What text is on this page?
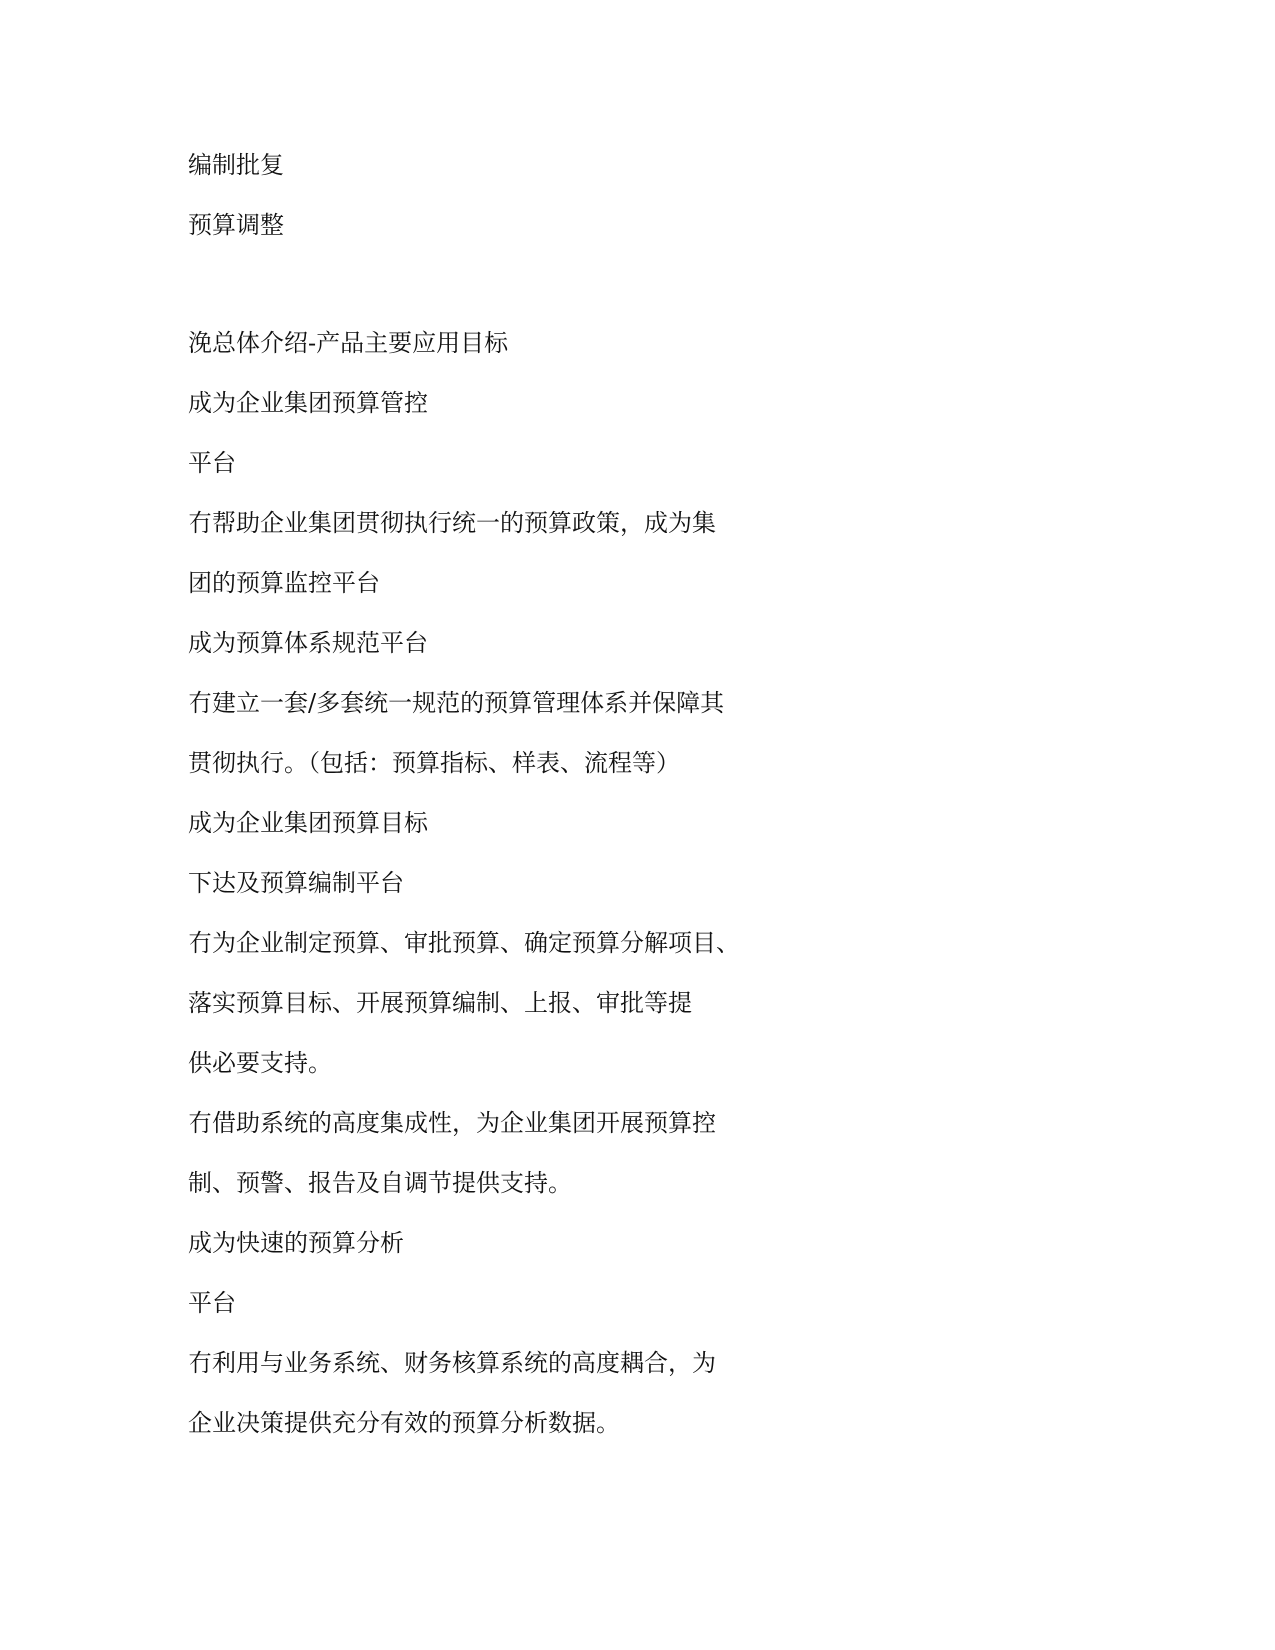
编制批复

预算调整

浼总体介绍-产品主要应用目标

成为企业集团预算管控

平台

冇帮助企业集团贯彻执行统一的预算政策，成为集

团的预算监控平台

成为预算体系规范平台

冇建立一套/多套统一规范的预算管理体系并保障其

贯彻执行。（包括：预算指标、样表、流程等）

成为企业集团预算目标

下达及预算编制平台

冇为企业制定预算、审批预算、确定预算分解项目、

落实预算目标、开展预算编制、上报、审批等提

供必要支持。

冇借助系统的高度集成性，为企业集团开展预算控

制、预警、报告及自调节提供支持。

成为快速的预算分析

平台

冇利用与业务系统、财务核算系统的高度耦合，为

企业决策提供充分有效的预算分析数据。
